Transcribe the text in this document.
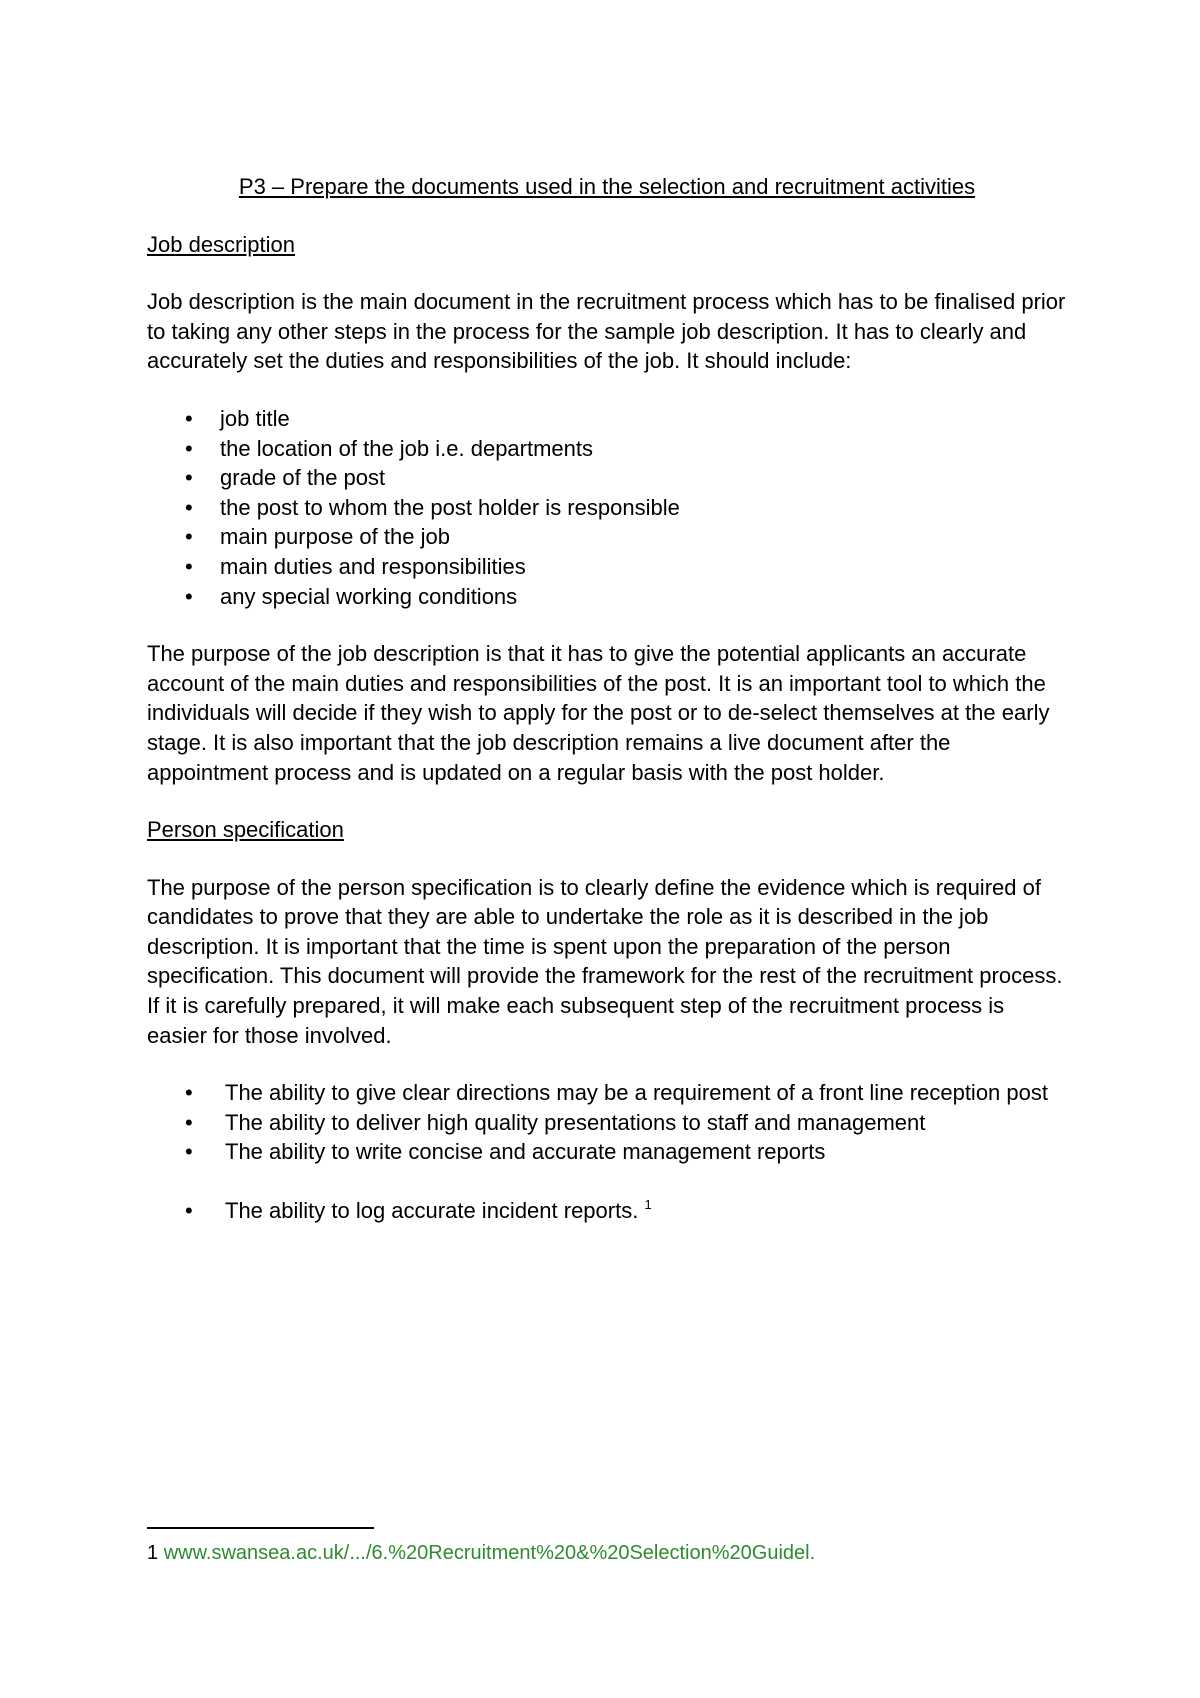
P3 – Prepare the documents used in the selection and recruitment activities
Job description

Job description is the main document in the recruitment process which has to be finalised prior to taking any other steps in the process for the sample job description. It has to clearly and accurately set the duties and responsibilities of the job. It should include:

• job title
• the location of the job i.e. departments
• grade of the post
• the post to whom the post holder is responsible
• main purpose of the job
• main duties and responsibilities
• any special working conditions

The purpose of the job description is that it has to give the potential applicants an accurate account of the main duties and responsibilities of the post. It is an important tool to which the individuals will decide if they wish to apply for the post or to de-select themselves at the early stage. It is also important that the job description remains a live document after the appointment process and is updated on a regular basis with the post holder.

Person specification

The purpose of the person specification is to clearly define the evidence which is required of candidates to prove that they are able to undertake the role as it is described in the job description. It is important that the time is spent upon the preparation of the person specification. This document will provide the framework for the rest of the recruitment process. If it is carefully prepared, it will make each subsequent step of the recruitment process is easier for those involved.

• The ability to give clear directions may be a requirement of a front line reception post
• The ability to deliver high quality presentations to staff and management
• The ability to write concise and accurate management reports
• The ability to log accurate incident reports. $^1$
1 www.swansea.ac.uk/.../6.%20Recruitment%20&%20Selection%20Guidel.
